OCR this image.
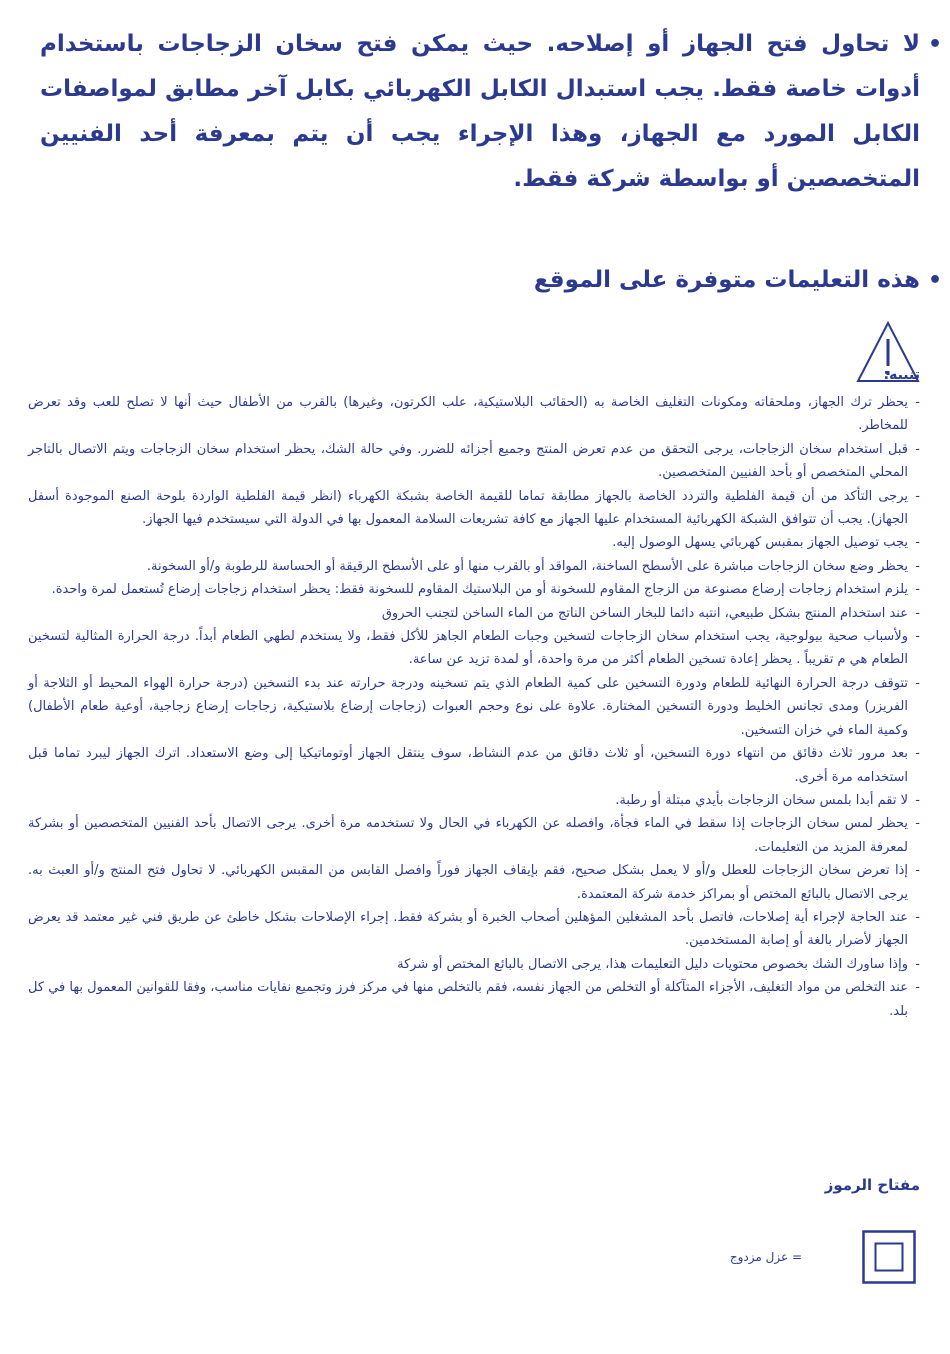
•
لا تحاول فتح الجهاز أو إصلاحه. حيث يمكن فتح سخان الزجاجات باستخدام أدوات خاصة فقط. يجب استبدال الكابل الكهربائي بكابل آخر مطابق لمواصفات الكابل المورد مع الجهاز، وهذا الإجراء يجب أن يتم بمعرفة أحد الفنيين المتخصصين أو بواسطة شركة فقط.
•
هذه التعليمات متوفرة على الموقع
تنبيه:
-
يحظر ترك الجهاز، وملحقاته ومكونات التغليف الخاصة به (الحقائب البلاستيكية، علب الكرتون، وغيرها) بالقرب من الأطفال حيث أنها لا تصلح للعب وقد تعرض للمخاطر.
-
قبل استخدام سخان الزجاجات، يرجى التحقق من عدم تعرض المنتج وجميع أجزائه للضرر. وفي حالة الشك، يحظر استخدام سخان الزجاجات ويتم الاتصال بالتاجر المحلي المتخصص أو بأحد الفنيين المتخصصين.
-
يرجى التأكد من أن قيمة الفلطية والتردد الخاصة بالجهاز مطابقة تماما للقيمة الخاصة بشبكة الكهرباء (انظر قيمة الفلطية الواردة بلوحة الصنع الموجودة أسفل الجهاز). يجب أن تتوافق الشبكة الكهربائية المستخدام عليها الجهاز مع كافة تشريعات السلامة المعمول بها في الدولة التي سيستخدم فيها الجهاز.
-
يجب توصيل الجهاز بمقبس كهربائي يسهل الوصول إليه.
-
يحظر وضع سخان الزجاجات مباشرة على الأسطح الساخنة، المواقد أو بالقرب منها أو على الأسطح الرقيقة أو الحساسة للرطوبة و/أو السخونة.
-
يلزم استخدام زجاجات إرضاع مصنوعة من الزجاج المقاوم للسخونة أو من البلاستيك المقاوم للسخونة فقط: يحظر استخدام زجاجات إرضاع تُستعمل لمرة واحدة.
-
عند استخدام المنتج بشكل طبيعي، انتبه دائما للبخار الساخن الناتج من الماء الساخن لتجنب الحروق
-
ولأسباب صحية بيولوجية، يجب استخدام سخان الزجاجات لتسخين وجبات الطعام الجاهز للأكل فقط، ولا يستخدم لطهي الطعام أبداً. درجة الحرارة المثالية لتسخين الطعام هي م تقريباً . يحظر إعادة تسخين الطعام أكثر من مرة واحدة، أو لمدة تزيد عن ساعة.
-
تتوقف درجة الحرارة النهائية للطعام ودورة التسخين على كمية الطعام الذي يتم تسخينه ودرجة حرارته عند بدء التسخين (درجة حرارة الهواء المحيط أو الثلاجة أو الفريزر) ومدى تجانس الخليط ودورة التسخين المختارة. علاوة على نوع وحجم العبوات (زجاجات إرضاع بلاستيكية، زجاجات إرضاع زجاجية، أوعية طعام الأطفال) وكمية الماء في خزان التسخين.
-
بعد مرور ثلاث دقائق من انتهاء دورة التسخين، أو ثلاث دقائق من عدم النشاط، سوف ينتقل الجهاز أوتوماتيكيا إلى وضع الاستعداد. اترك الجهاز ليبرد تماما قبل استخدامه مرة أخرى.
-
لا تقم أبدا بلمس سخان الزجاجات بأيدي مبتلة أو رطبة.
-
يحظر لمس سخان الزجاجات إذا سقط في الماء فجأة، وافصله عن الكهرباء في الحال ولا تستخدمه مرة أخرى. يرجى الاتصال بأحد الفنيين المتخصصين أو بشركة لمعرفة المزيد من التعليمات.
-
إذا تعرض سخان الزجاجات للعطل و/أو لا يعمل بشكل صحيح، فقم بإيقاف الجهاز فوراً وافصل القابس من المقبس الكهربائي. لا تحاول فتح المنتج و/أو العبث به. يرجى الاتصال بالبائع المختص أو بمراكز خدمة شركة المعتمدة.
-
عند الحاجة لإجراء أية إصلاحات، فاتصل بأحد المشغلين المؤهلين أصحاب الخبرة أو بشركة فقط. إجراء الإصلاحات بشكل خاطئ عن طريق فني غير معتمد قد يعرض الجهاز لأضرار بالغة أو إصابة المستخدمين.
-
وإذا ساورك الشك بخصوص محتويات دليل التعليمات هذا، يرجى الاتصال بالبائع المختص أو شركة
-
عند التخلص من مواد التغليف، الأجزاء المتآكلة أو التخلص من الجهاز نفسه، فقم بالتخلص منها في مركز فرز وتجميع نفايات مناسب، وفقا للقوانين المعمول بها في كل بلد.
مفتاح الرموز
= عزل مزدوج
